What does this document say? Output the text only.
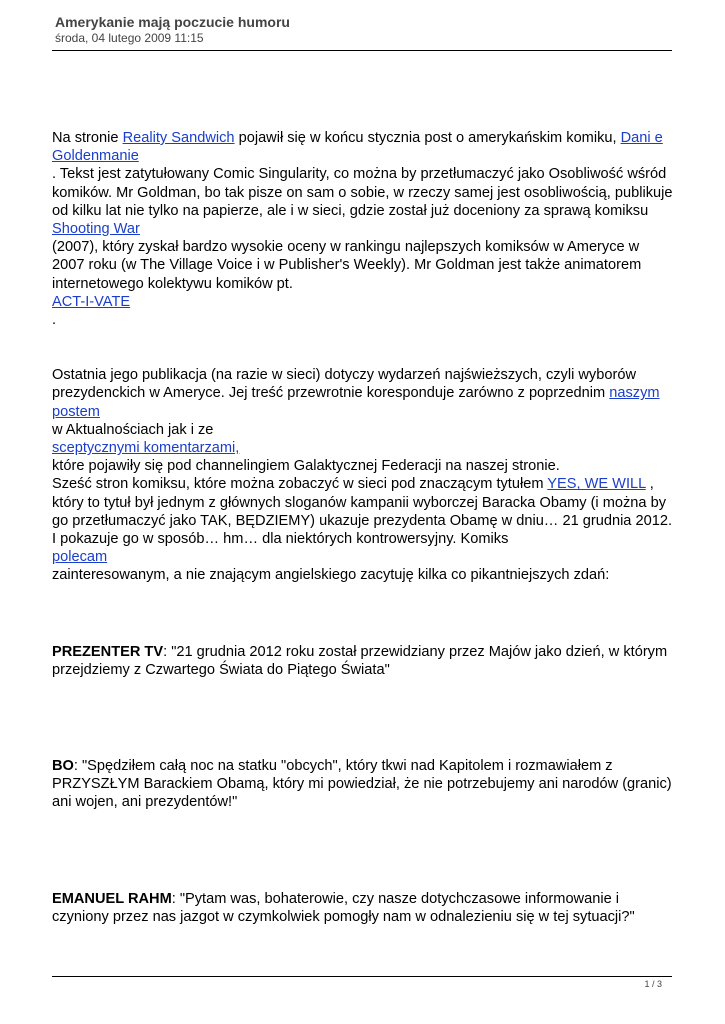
Amerykanie mają poczucie humoru
środa, 04 lutego 2009 11:15

Na stronie Reality Sandwich pojawił się w końcu stycznia post o amerykańskim komiku, Dani e Goldenmanie
. Tekst jest zatytułowany Comic Singularity, co można by przetłumaczyć jako Osobliwość wśród komików. Mr Goldman, bo tak pisze on sam o sobie, w rzeczy samej jest osobliwością, publikuje od kilku lat nie tylko na papierze, ale i w sieci, gdzie został już doceniony za sprawą komiksu
Shooting War
(2007), który zyskał bardzo wysokie oceny w rankingu najlepszych komiksów w Ameryce w 2007 roku (w The Village Voice i w Publisher's Weekly). Mr Goldman jest także animatorem internetowego kolektywu komików pt.
ACT-I-VATE
.

Ostatnia jego publikacja (na razie w sieci) dotyczy wydarzeń najświeższych, czyli wyborów prezydenckich w Ameryce. Jej treść przewrotnie koresponduje zarówno z poprzednim naszym postem
w Aktualnościach jak i ze
sceptycznymi komentarzami,
które pojawiły się pod channelingiem Galaktycznej Federacji na naszej stronie.
Sześć stron komiksu, które można zobaczyć w sieci pod znaczącym tytułem YES, WE WILL , który to tytuł był jednym z głównych sloganów kampanii wyborczej Baracka Obamy (i można by go przetłumaczyć jako TAK, BĘDZIEMY) ukazuje prezydenta Obamę w dniu… 21 grudnia 2012. I pokazuje go w sposób… hm… dla niektórych kontrowersyjny. Komiks
polecam
zainteresowanym, a nie znającym angielskiego zacytuję kilka co pikantniejszych zdań:

PREZENTER TV: "21 grudnia 2012 roku został przewidziany przez Majów jako dzień, w którym przejdziemy z Czwartego Świata do Piątego Świata"

BO: "Spędziłem całą noc na statku "obcych", który tkwi nad Kapitolem i rozmawiałem z PRZYSZŁYM Barackiem Obamą, który mi powiedział, że nie potrzebujemy ani narodów (granic) ani wojen, ani prezydentów!"

EMANUEL RAHM: "Pytam was, bohaterowie, czy nasze dotychczasowe informowanie i czyniony przez nas jazgot w czymkolwiek pomogły nam w odnalezieniu się w tej sytuacji?"

1 / 3
